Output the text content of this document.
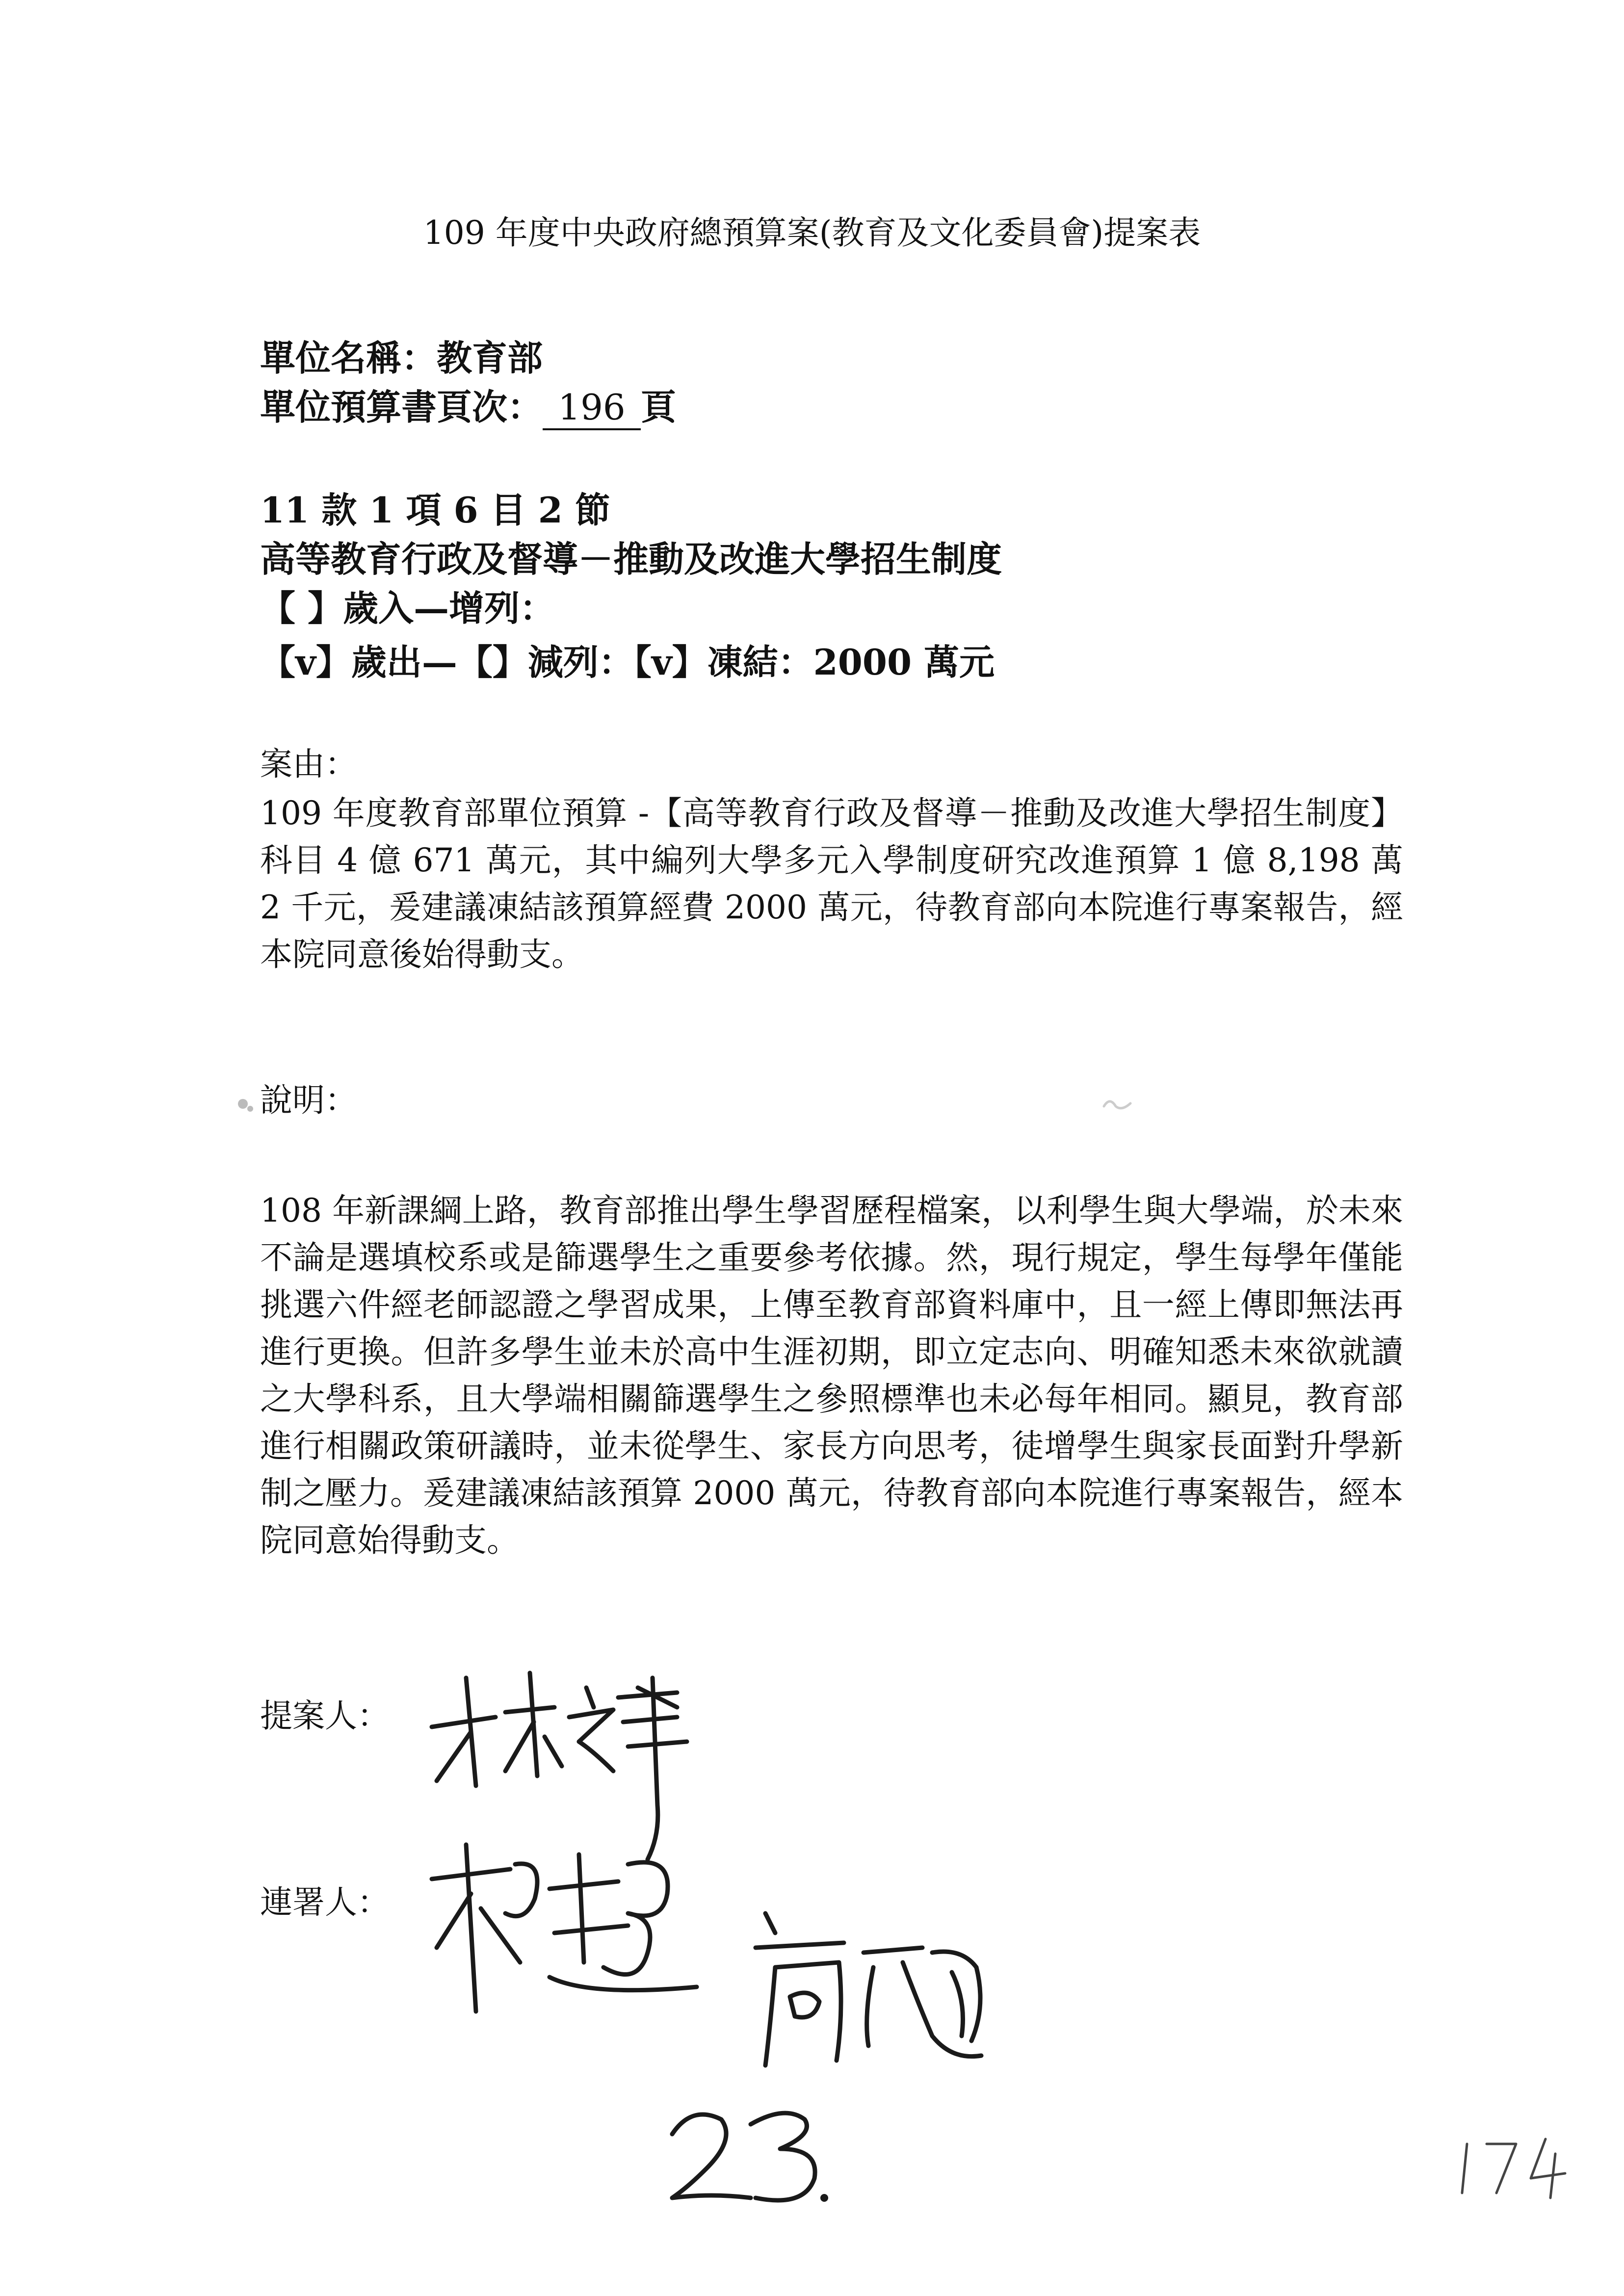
109 年度中央政府總預算案(教育及文化委員會)提案表
單位名稱：教育部
單位預算書頁次： 196 頁
11 款 1 項 6 目 2 節
高等教育行政及督導－推動及改進大學招生制度
【 】歲入—增列：
【v】歲出—【】減列：【v】凍結：2000 萬元
案由：
109 年度教育部單位預算 -【高等教育行政及督導－推動及改進大學招生制度】科目 4 億 671 萬元，其中編列大學多元入學制度研究改進預算 1 億 8,198 萬 2 千元，爰建議凍結該預算經費 2000 萬元，待教育部向本院進行專案報告，經本院同意後始得動支。
說明：
108 年新課綱上路，教育部推出學生學習歷程檔案，以利學生與大學端，於未來不論是選填校系或是篩選學生之重要參考依據。然，現行規定，學生每學年僅能挑選六件經老師認證之學習成果，上傳至教育部資料庫中，且一經上傳即無法再進行更換。但許多學生並未於高中生涯初期，即立定志向、明確知悉未來欲就讀之大學科系，且大學端相關篩選學生之參照標準也未必每年相同。顯見，教育部進行相關政策研議時，並未從學生、家長方向思考，徒增學生與家長面對升學新制之壓力。爰建議凍結該預算 2000 萬元，待教育部向本院進行專案報告，經本院同意始得動支。
提案人：
連署人：
